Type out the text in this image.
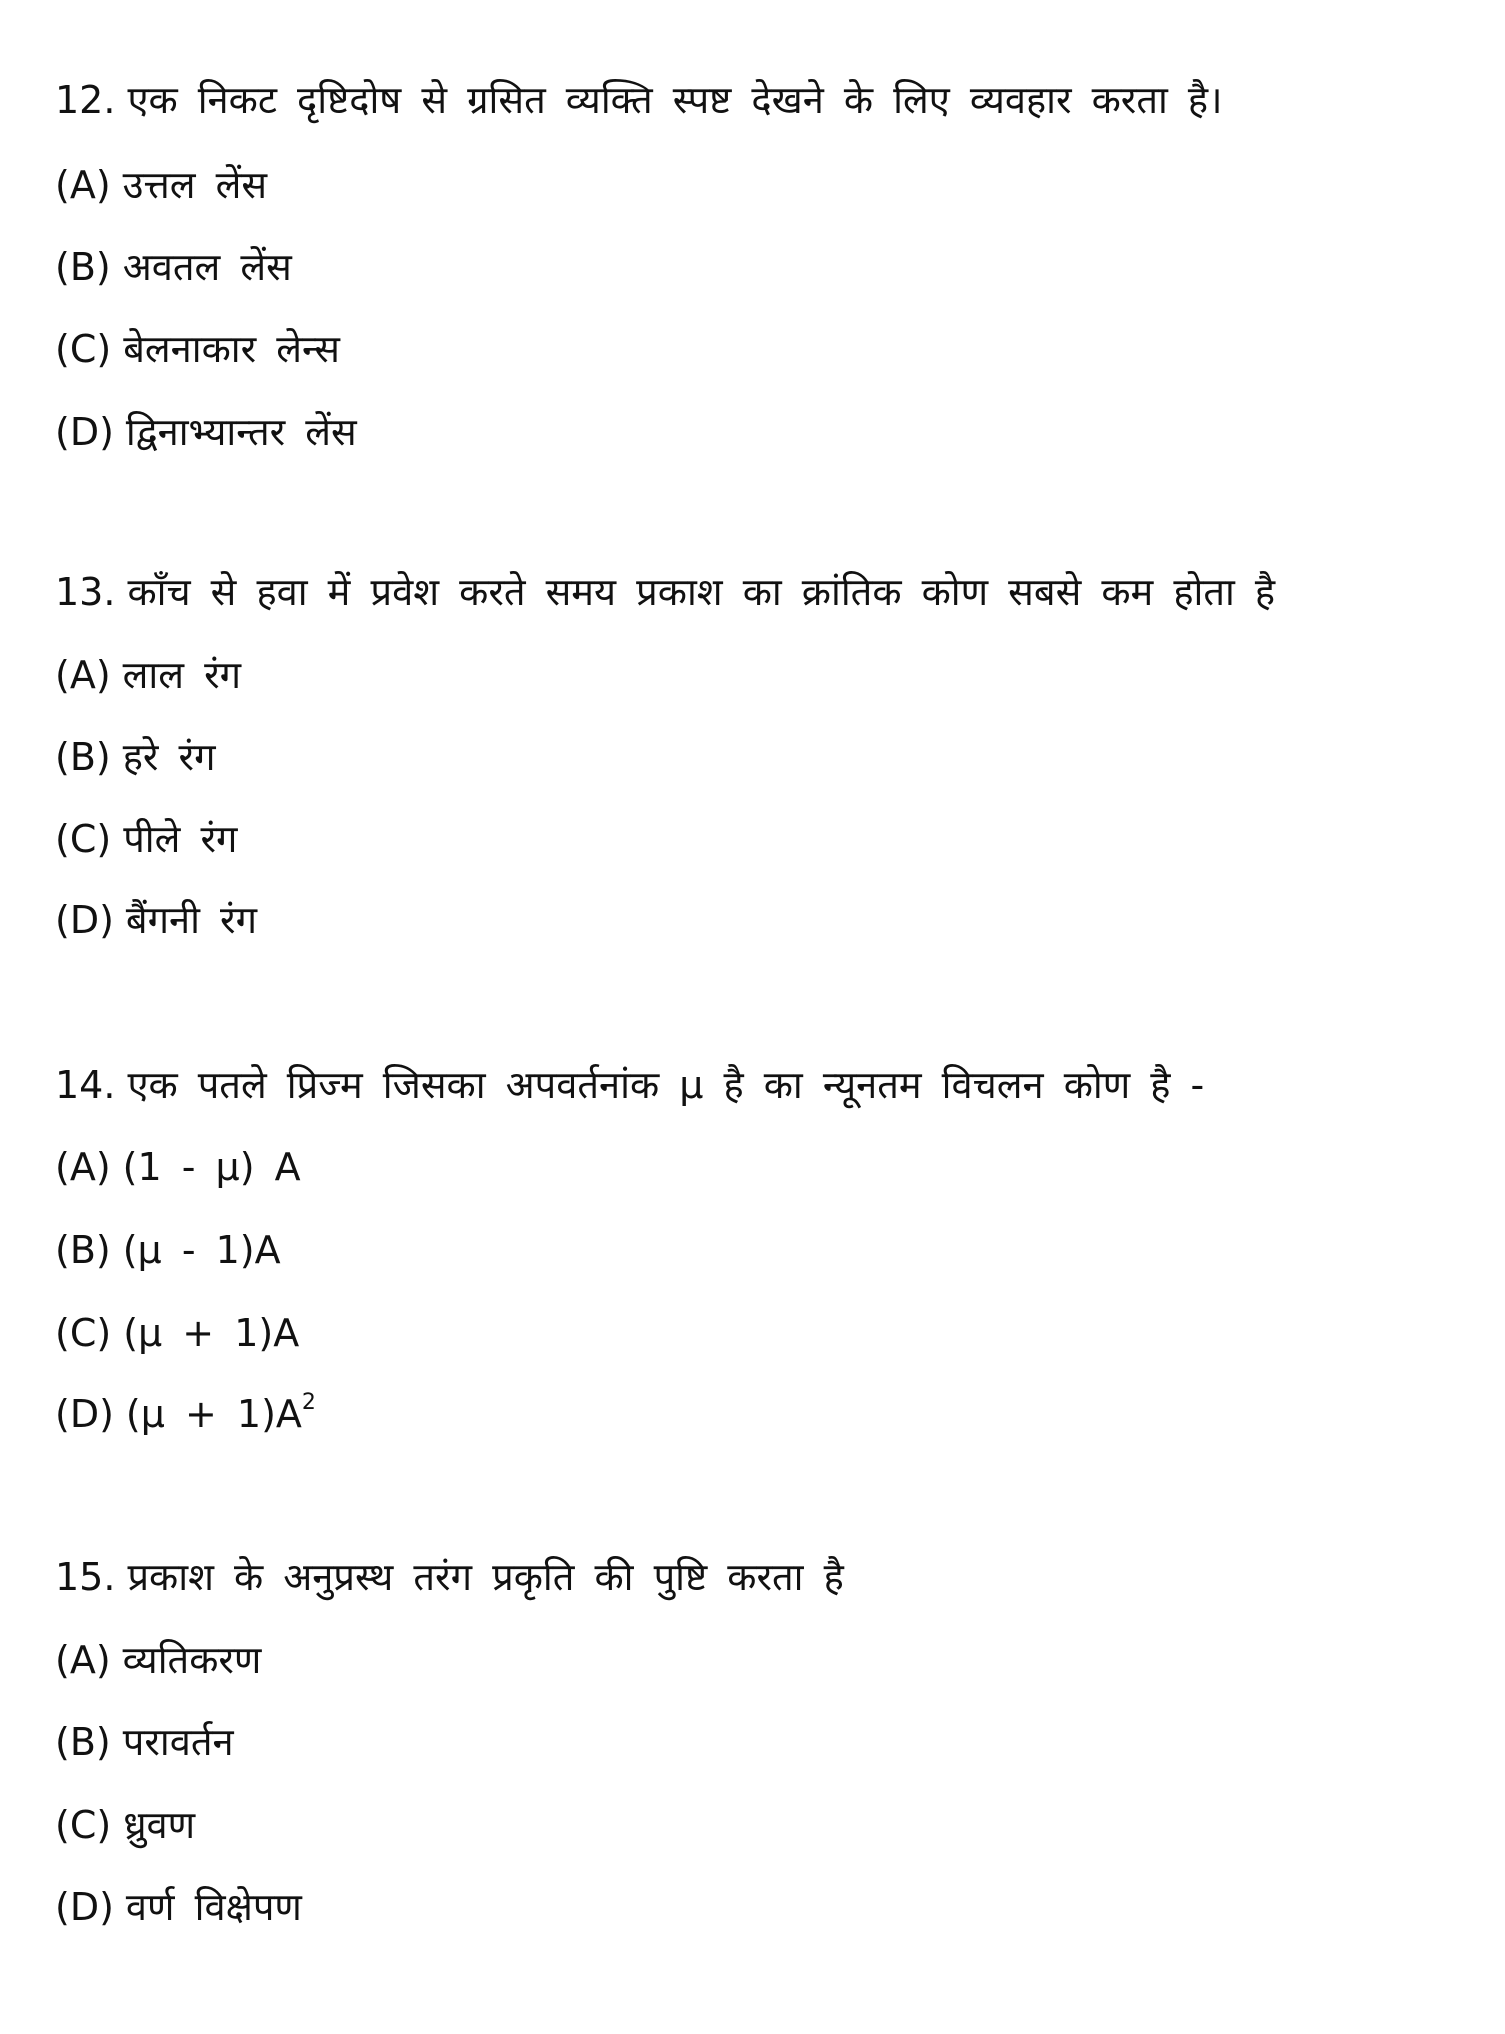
12. एक निकट दृष्टिदोष से ग्रसित व्यक्ति स्पष्ट देखने के लिए व्यवहार करता है।
(A) उत्तल लेंस
(B) अवतल लेंस
(C) बेलनाकार लेन्स
(D) द्विनाभ्यान्तर लेंस
13. काँच से हवा में प्रवेश करते समय प्रकाश का क्रांतिक कोण सबसे कम होता है
(A) लाल रंग
(B) हरे रंग
(C) पीले रंग
(D) बैंगनी रंग
14. एक पतले प्रिज्म जिसका अपवर्तनांक μ है का न्यूनतम विचलन कोण है -
(A) (1 - μ) A
(B) (μ - 1)A
(C) (μ + 1)A
(D) $(\mu + 1)A^2$
15. प्रकाश के अनुप्रस्थ तरंग प्रकृति की पुष्टि करता है
(A) व्यतिकरण
(B) परावर्तन
(C) ध्रुवण
(D) वर्ण विक्षेपण
